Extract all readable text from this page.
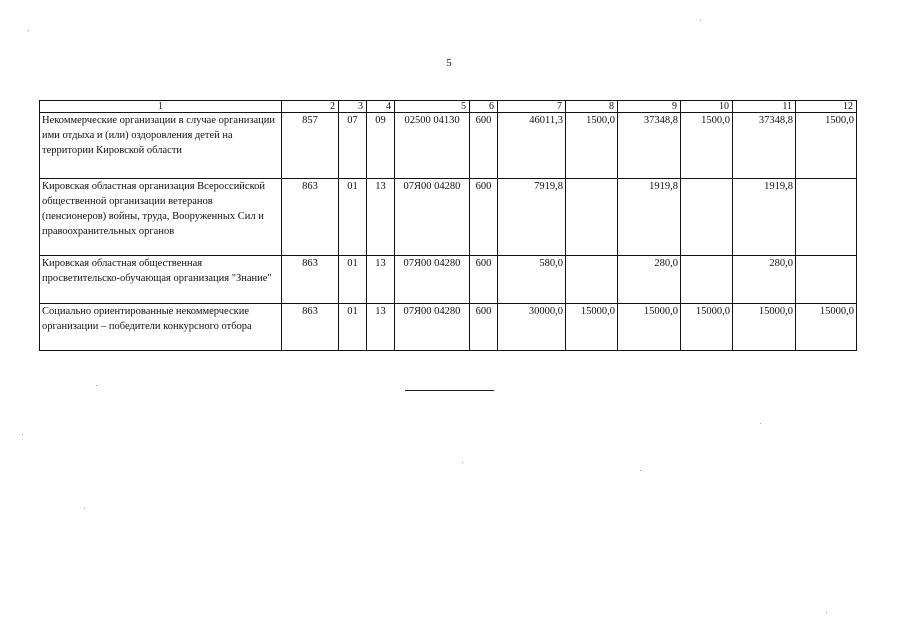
5
1	2	3	4	5	6	7	8	9	10	11	12
Некоммерческие организации в случае организации ими отдыха и (или) оздоровления детей на территории Кировской области	857	07	09	02500 04130	600	46011,3	1500,0	37348,8	1500,0	37348,8	1500,0
Кировская областная организация Всероссийской общественной организации ветеранов (пенсионеров) войны, труда, Вооруженных Сил и правоохранительных органов	863	01	13	07Я00 04280	600	7919,8		1919,8		1919,8	
Кировская областная общественная просветительско-обучающая организация "Знание"	863	01	13	07Я00 04280	600	580,0		280,0		280,0	
Социально ориентированные некоммерческие организации – победители конкурсного отбора	863	01	13	07Я00 04280	600	30000,0	15000,0	15000,0	15000,0	15000,0	15000,0
